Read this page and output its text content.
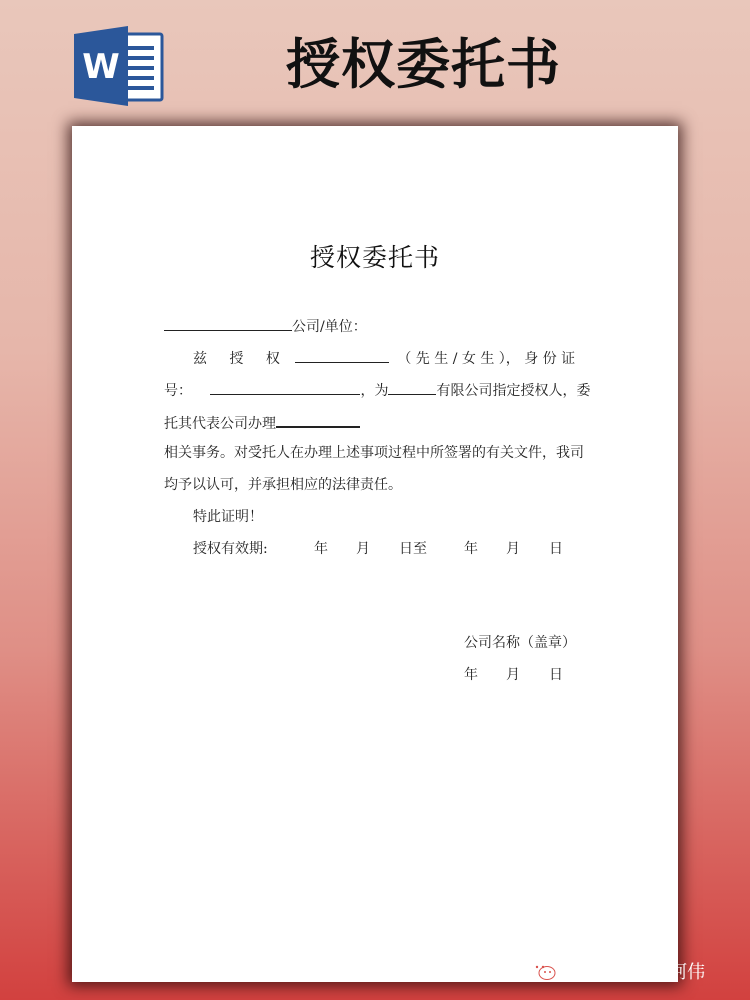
W	授权委托书
授权委托书
公司/单位：
兹 授 权	（ 先 生 / 女 生 ）， 身 份 证
号：	，为	有限公司指定授权人，委
托其代表公司办理
相关事务。对受托人在办理上述事项过程中所签署的有关文件，我司
均予以认可，并承担相应的法律责任。
特此证明！
授权有效期:	年 月 日至	年 月 日
公司名称（盖章）
年 月 日
公众号 · 模板阿伟
